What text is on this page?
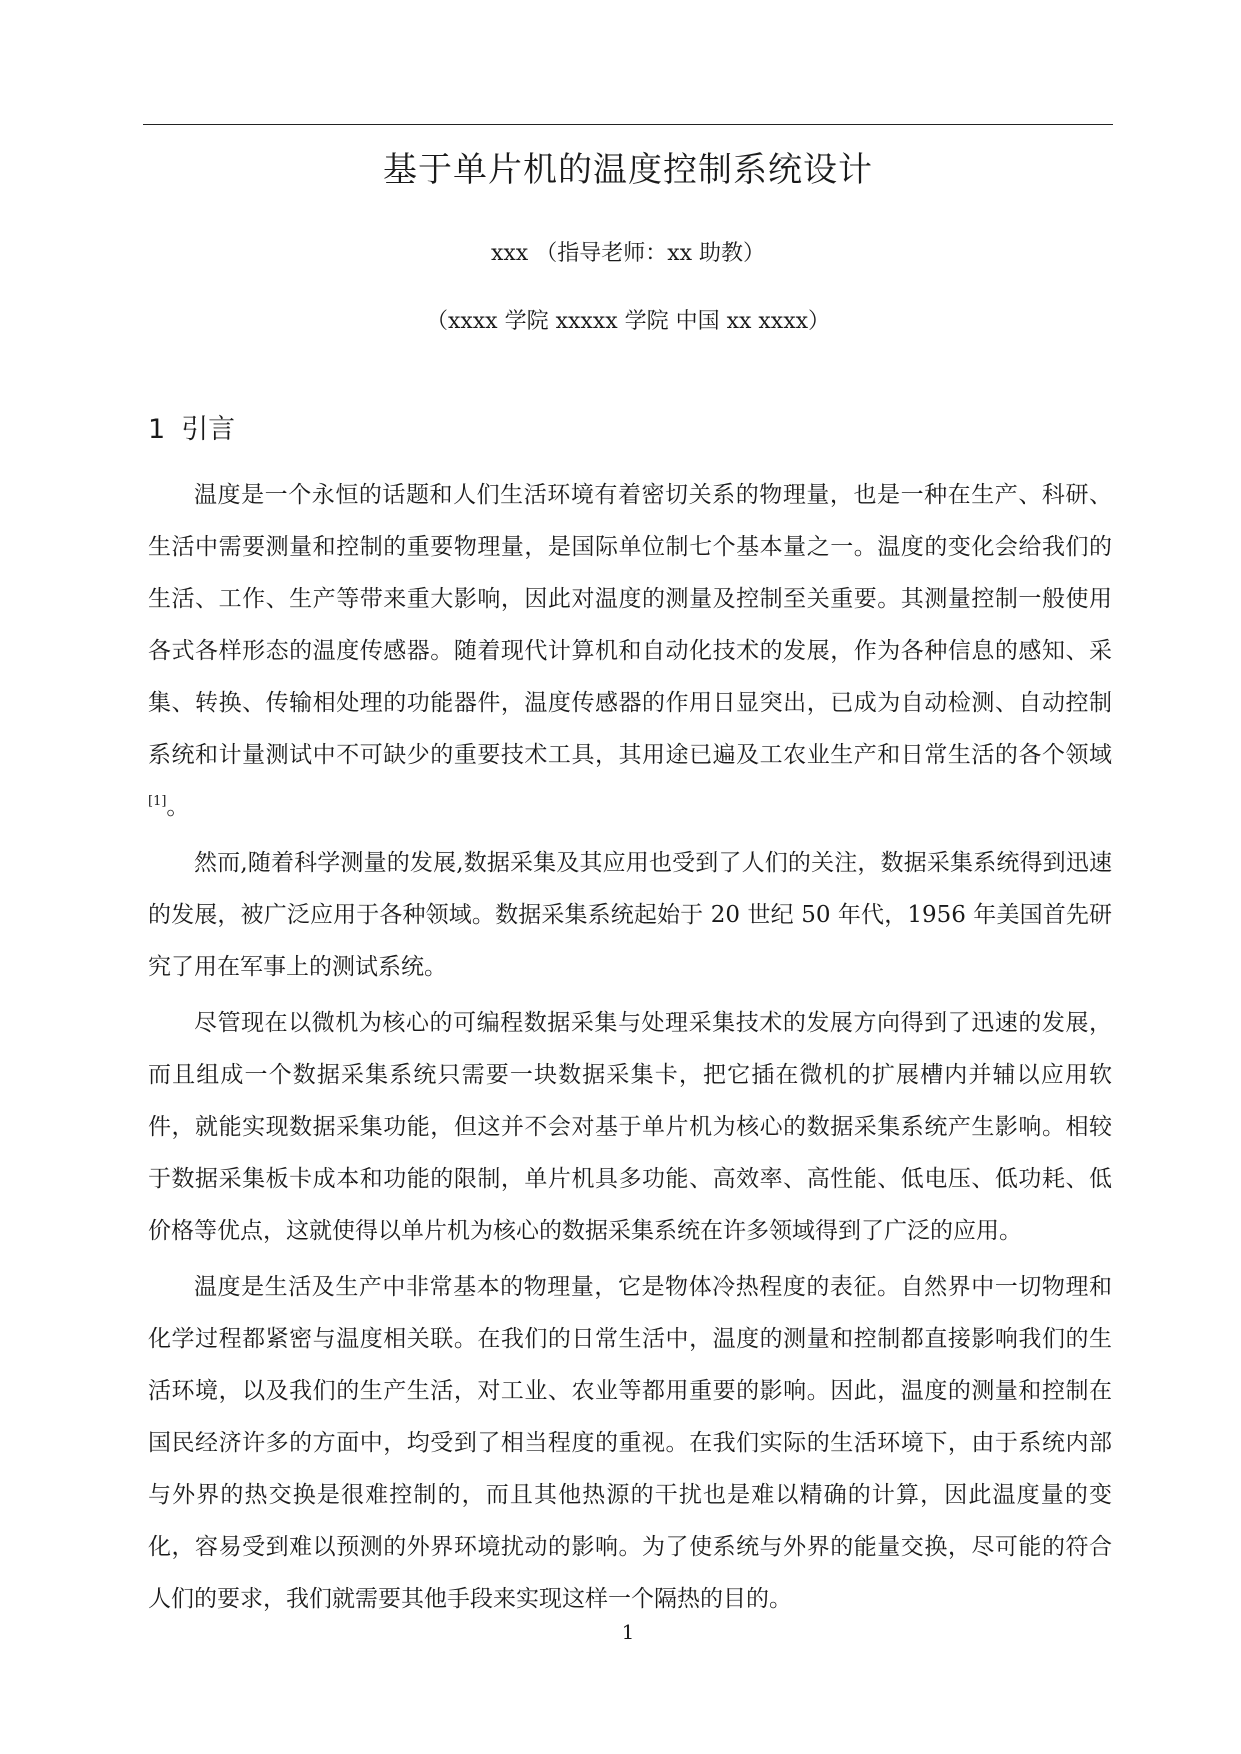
基于单片机的温度控制系统设计
xxx （指导老师：xx 助教）
（xxxx 学院 xxxxx 学院 中国 xx xxxx）
1 引言

温度是一个永恒的话题和人们生活环境有着密切关系的物理量，也是一种在生产、科研、生活中需要测量和控制的重要物理量，是国际单位制七个基本量之一。温度的变化会给我们的生活、工作、生产等带来重大影响，因此对温度的测量及控制至关重要。其测量控制一般使用各式各样形态的温度传感器。随着现代计算机和自动化技术的发展，作为各种信息的感知、采集、转换、传输相处理的功能器件，温度传感器的作用日显突出，已成为自动检测、自动控制系统和计量测试中不可缺少的重要技术工具，其用途已遍及工农业生产和日常生活的各个领域[1]。

然而,随着科学测量的发展,数据采集及其应用也受到了人们的关注，数据采集系统得到迅速的发展，被广泛应用于各种领域。数据采集系统起始于 20 世纪 50 年代，1956 年美国首先研究了用在军事上的测试系统。

尽管现在以微机为核心的可编程数据采集与处理采集技术的发展方向得到了迅速的发展，而且组成一个数据采集系统只需要一块数据采集卡，把它插在微机的扩展槽内并辅以应用软件，就能实现数据采集功能，但这并不会对基于单片机为核心的数据采集系统产生影响。相较于数据采集板卡成本和功能的限制，单片机具多功能、高效率、高性能、低电压、低功耗、低价格等优点，这就使得以单片机为核心的数据采集系统在许多领域得到了广泛的应用。

温度是生活及生产中非常基本的物理量，它是物体冷热程度的表征。自然界中一切物理和化学过程都紧密与温度相关联。在我们的日常生活中，温度的测量和控制都直接影响我们的生活环境，以及我们的生产生活，对工业、农业等都用重要的影响。因此，温度的测量和控制在国民经济许多的方面中，均受到了相当程度的重视。在我们实际的生活环境下，由于系统内部与外界的热交换是很难控制的，而且其他热源的干扰也是难以精确的计算，因此温度量的变化，容易受到难以预测的外界环境扰动的影响。为了使系统与外界的能量交换，尽可能的符合人们的要求，我们就需要其他手段来实现这样一个隔热的目的。

1
